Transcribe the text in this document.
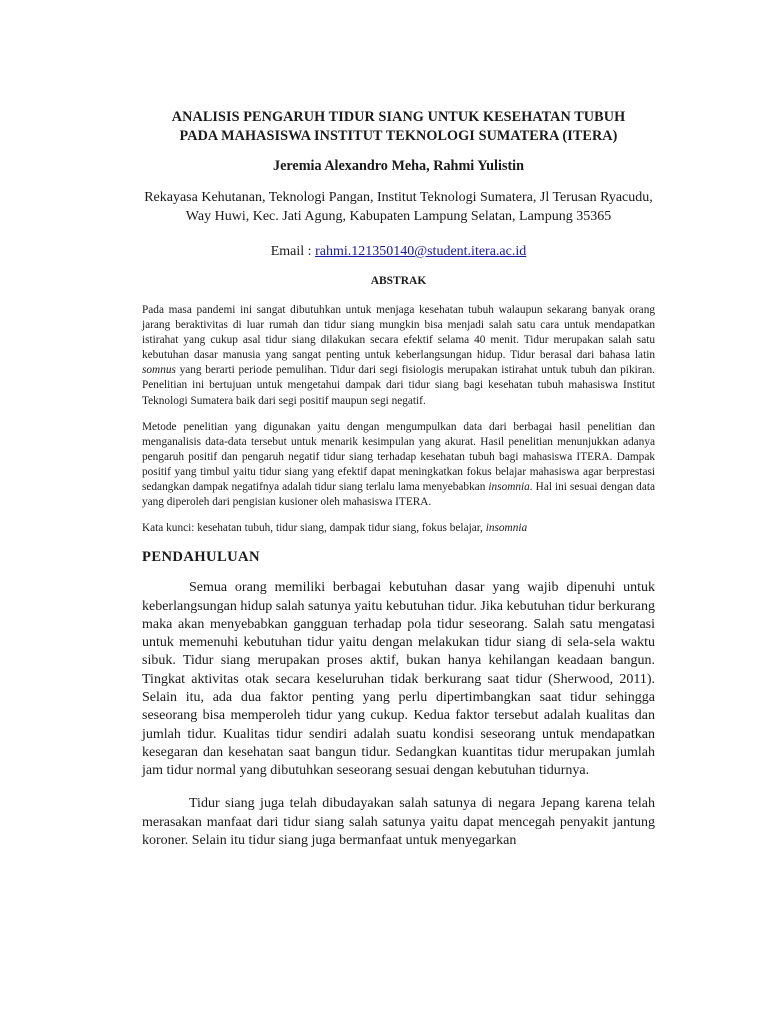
ANALISIS PENGARUH TIDUR SIANG UNTUK KESEHATAN TUBUH
PADA MAHASISWA INSTITUT TEKNOLOGI SUMATERA (ITERA)

Jeremia Alexandro Meha, Rahmi Yulistin

Rekayasa Kehutanan, Teknologi Pangan, Institut Teknologi Sumatera, Jl Terusan Ryacudu, Way Huwi, Kec. Jati Agung, Kabupaten Lampung Selatan, Lampung 35365

Email : rahmi.121350140@student.itera.ac.id

ABSTRAK

Pada masa pandemi ini sangat dibutuhkan untuk menjaga kesehatan tubuh walaupun sekarang banyak orang jarang beraktivitas di luar rumah dan tidur siang mungkin bisa menjadi salah satu cara untuk mendapatkan istirahat yang cukup asal tidur siang dilakukan secara efektif selama 40 menit. Tidur merupakan salah satu kebutuhan dasar manusia yang sangat penting untuk keberlangsungan hidup. Tidur berasal dari bahasa latin somnus yang berarti periode pemulihan. Tidur dari segi fisiologis merupakan istirahat untuk tubuh dan pikiran. Penelitian ini bertujuan untuk mengetahui dampak dari tidur siang bagi kesehatan tubuh mahasiswa Institut Teknologi Sumatera baik dari segi positif maupun segi negatif.

Metode penelitian yang digunakan yaitu dengan mengumpulkan data dari berbagai hasil penelitian dan menganalisis data-data tersebut untuk menarik kesimpulan yang akurat. Hasil penelitian menunjukkan adanya pengaruh positif dan pengaruh negatif tidur siang terhadap kesehatan tubuh bagi mahasiswa ITERA. Dampak positif yang timbul yaitu tidur siang yang efektif dapat meningkatkan fokus belajar mahasiswa agar berprestasi sedangkan dampak negatifnya adalah tidur siang terlalu lama menyebabkan insomnia. Hal ini sesuai dengan data yang diperoleh dari pengisian kusioner oleh mahasiswa ITERA.

Kata kunci: kesehatan tubuh, tidur siang, dampak tidur siang, fokus belajar, insomnia

PENDAHULUAN

Semua orang memiliki berbagai kebutuhan dasar yang wajib dipenuhi untuk keberlangsungan hidup salah satunya yaitu kebutuhan tidur. Jika kebutuhan tidur berkurang maka akan menyebabkan gangguan terhadap pola tidur seseorang. Salah satu mengatasi untuk memenuhi kebutuhan tidur yaitu dengan melakukan tidur siang di sela-sela waktu sibuk. Tidur siang merupakan proses aktif, bukan hanya kehilangan keadaan bangun. Tingkat aktivitas otak secara keseluruhan tidak berkurang saat tidur (Sherwood, 2011). Selain itu, ada dua faktor penting yang perlu dipertimbangkan saat tidur sehingga seseorang bisa memperoleh tidur yang cukup. Kedua faktor tersebut adalah kualitas dan jumlah tidur. Kualitas tidur sendiri adalah suatu kondisi seseorang untuk mendapatkan kesegaran dan kesehatan saat bangun tidur. Sedangkan kuantitas tidur merupakan jumlah jam tidur normal yang dibutuhkan seseorang sesuai dengan kebutuhan tidurnya.

Tidur siang juga telah dibudayakan salah satunya di negara Jepang karena telah merasakan manfaat dari tidur siang salah satunya yaitu dapat mencegah penyakit jantung koroner. Selain itu tidur siang juga bermanfaat untuk menyegarkan
